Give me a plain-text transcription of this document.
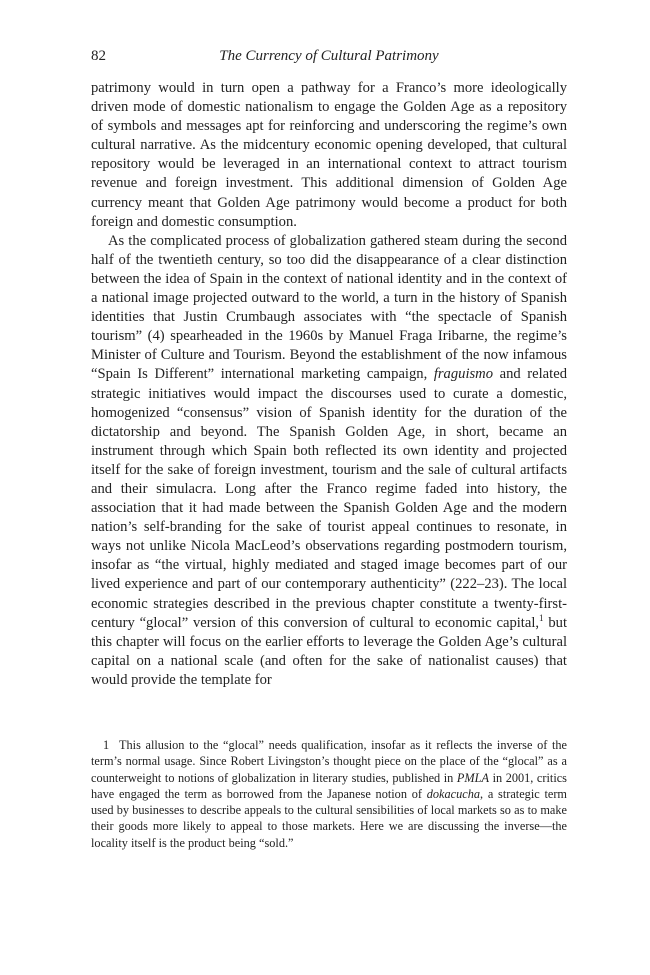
82	The Currency of Cultural Patrimony

patrimony would in turn open a pathway for a Franco’s more ideologically driven mode of domestic nationalism to engage the Golden Age as a repository of symbols and messages apt for reinforcing and underscoring the regime’s own cultural narrative. As the midcentury economic opening developed, that cultural repository would be leveraged in an international context to attract tourism revenue and foreign investment. This additional dimension of Golden Age currency meant that Golden Age patrimony would become a product for both foreign and domestic consumption.

As the complicated process of globalization gathered steam during the second half of the twentieth century, so too did the disappearance of a clear distinction between the idea of Spain in the context of national identity and in the context of a national image projected outward to the world, a turn in the history of Spanish identities that Justin Crumbaugh associates with “the spectacle of Spanish tourism” (4) spearheaded in the 1960s by Manuel Fraga Iribarne, the regime’s Minister of Culture and Tourism. Beyond the establishment of the now infamous “Spain Is Different” international marketing campaign, fraguismo and related strategic initiatives would impact the discourses used to curate a domestic, homogenized “consensus” vision of Spanish identity for the duration of the dictatorship and beyond. The Spanish Golden Age, in short, became an instrument through which Spain both reflected its own identity and projected itself for the sake of foreign investment, tourism and the sale of cultural artifacts and their simulacra. Long after the Franco regime faded into history, the association that it had made between the Spanish Golden Age and the modern nation’s self-branding for the sake of tourist appeal continues to resonate, in ways not unlike Nicola MacLeod’s observations regarding postmodern tourism, insofar as “the virtual, highly mediated and staged image becomes part of our lived experience and part of our contemporary authenticity” (222–23). The local economic strategies described in the previous chapter constitute a twenty-first-century “glocal” version of this conversion of cultural to economic capital,$^1$ but this chapter will focus on the earlier efforts to leverage the Golden Age’s cultural capital on a national scale (and often for the sake of nationalist causes) that would provide the template for

1 This allusion to the “glocal” needs qualification, insofar as it reflects the inverse of the term’s normal usage. Since Robert Livingston’s thought piece on the place of the “glocal” as a counterweight to notions of globalization in literary studies, published in PMLA in 2001, critics have engaged the term as borrowed from the Japanese notion of dokacucha, a strategic term used by businesses to describe appeals to the cultural sensibilities of local markets so as to make their goods more likely to appeal to those markets. Here we are discussing the inverse—the locality itself is the product being “sold.”
